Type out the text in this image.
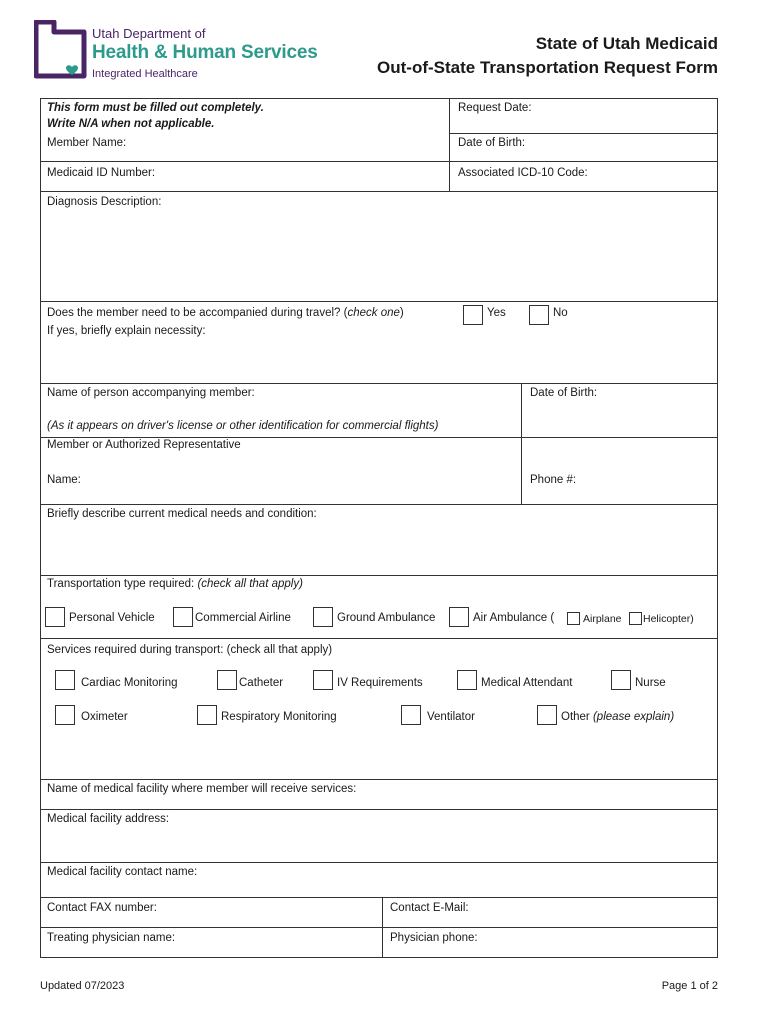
Utah Department of
Health & Human Services
Integrated Healthcare
State of Utah Medicaid
Out-of-State Transportation Request Form
This form must be filled out completely.
Write N/A when not applicable.
Member Name:
Request Date:
Date of Birth:
Medicaid ID Number:	Associated ICD-10 Code:
Diagnosis Description:
Does the member need to be accompanied during travel? (check one)	Yes	No
If yes, briefly explain necessity:
Name of person accompanying member:
(As it appears on driver's license or other identification for commercial flights)
Date of Birth:
Member or Authorized Representative
Name:	Phone #:
Briefly describe current medical needs and condition:
Transportation type required: (check all that apply)
Personal Vehicle	Commercial Airline	Ground Ambulance	Air Ambulance (	Airplane Helicopter)
Services required during transport: (check all that apply)
Cardiac Monitoring	Catheter	IV Requirements	Medical Attendant	Nurse
Oximeter	Respiratory Monitoring	Ventilator	Other (please explain)
Name of medical facility where member will receive services:
Medical facility address:
Medical facility contact name:
Contact FAX number:	Contact E-Mail:
Treating physician name:	Physician phone:
Updated 07/2023	Page 1 of 2
